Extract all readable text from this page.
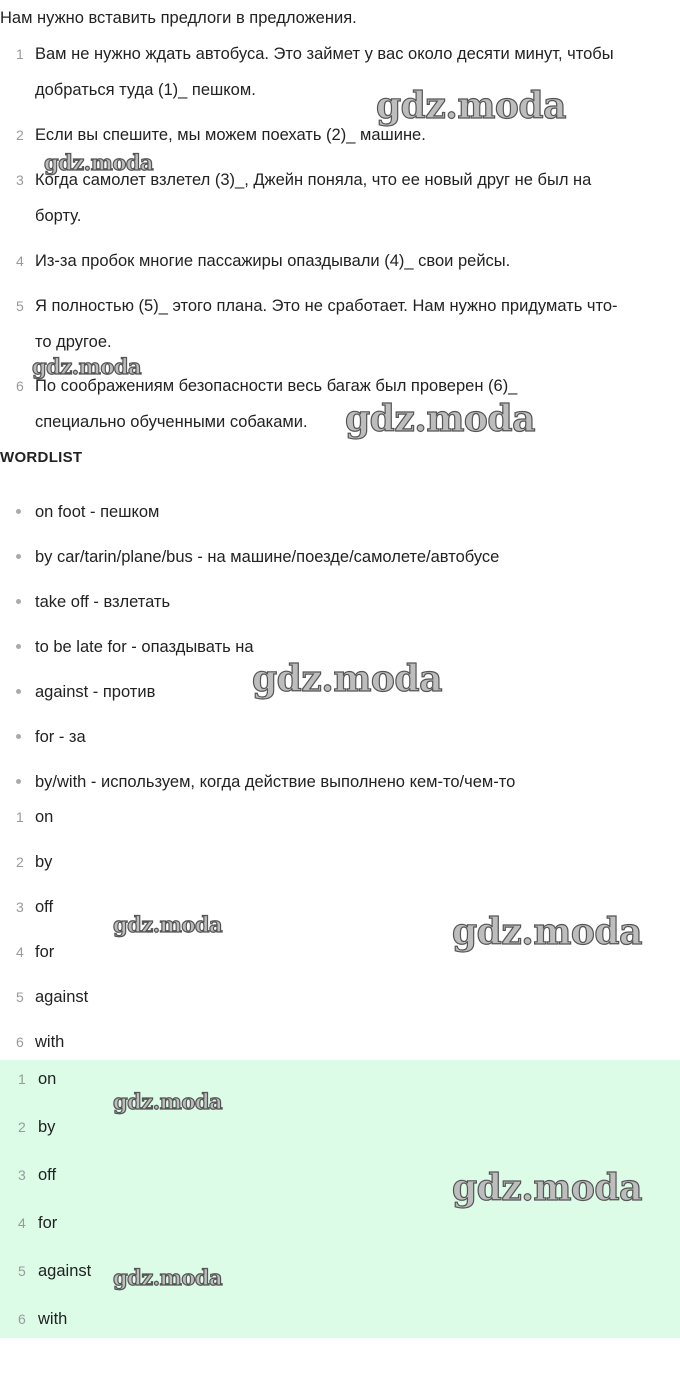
Нам нужно вставить предлоги в предложения.
1 Вам не нужно ждать автобуса. Это займет у вас около десяти минут, чтобы
добраться туда (1)_ пешком.
2 Если вы спешите, мы можем поехать (2)_ машине.
3 Когда самолет взлетел (3)_, Джейн поняла, что ее новый друг не был на
борту.
4 Из-за пробок многие пассажиры опаздывали (4)_ свои рейсы.
5 Я полностью (5)_ этого плана. Это не сработает. Нам нужно придумать что-
то другое.
6 По соображениям безопасности весь багаж был проверен (6)_
специально обученными собаками.
WORDLIST
on foot - пешком
by car/tarin/plane/bus - на машине/поезде/самолете/автобусе
take off - взлетать
to be late for - опаздывать на
against - против
for - за
by/with - используем, когда действие выполнено кем-то/чем-то
1 on
2 by
3 off
4 for
5 against
6 with
1 on
2 by
3 off
4 for
5 against
6 with
gdz.moda
gdz.moda
gdz.moda
gdz.moda
gdz.moda
gdz.moda	gdz.moda
gdz.moda
gdz.moda
gdz.moda
